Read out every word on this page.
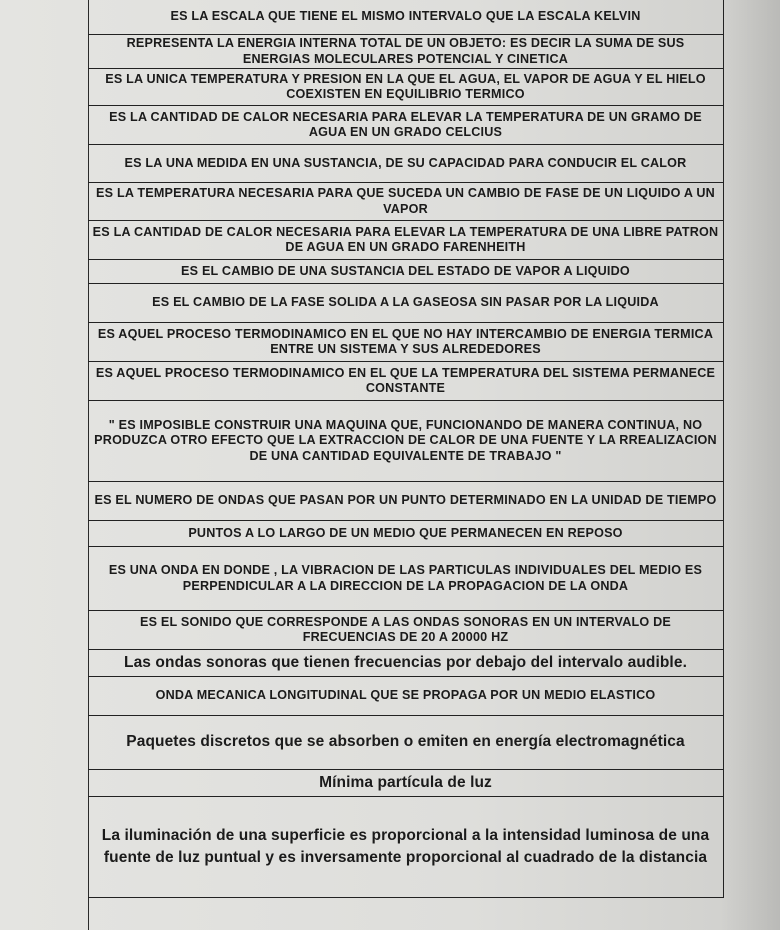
ES LA ESCALA QUE TIENE EL MISMO INTERVALO QUE LA ESCALA KELVIN
REPRESENTA LA ENERGIA INTERNA TOTAL DE UN OBJETO: ES DECIR LA SUMA DE SUS ENERGIAS MOLECULARES POTENCIAL Y CINETICA
ES LA UNICA TEMPERATURA Y PRESION EN LA QUE EL AGUA, EL VAPOR DE AGUA Y EL HIELO COEXISTEN EN EQUILIBRIO TERMICO
ES LA CANTIDAD DE CALOR NECESARIA PARA ELEVAR LA TEMPERATURA DE UN GRAMO DE AGUA EN UN GRADO CELCIUS
ES LA UNA MEDIDA EN UNA SUSTANCIA, DE SU CAPACIDAD PARA CONDUCIR EL CALOR
ES LA TEMPERATURA NECESARIA PARA QUE SUCEDA UN CAMBIO DE FASE DE UN LIQUIDO A UN VAPOR
ES LA CANTIDAD DE CALOR NECESARIA PARA ELEVAR LA TEMPERATURA DE UNA LIBRE PATRON DE AGUA EN UN GRADO FARENHEITH
ES EL CAMBIO DE UNA SUSTANCIA DEL ESTADO DE VAPOR A LIQUIDO
ES EL CAMBIO DE LA FASE SOLIDA A LA GASEOSA SIN PASAR POR LA LIQUIDA
ES AQUEL PROCESO TERMODINAMICO EN EL QUE NO HAY INTERCAMBIO DE ENERGIA TERMICA ENTRE UN SISTEMA Y SUS ALREDEDORES
ES AQUEL PROCESO TERMODINAMICO EN EL QUE LA TEMPERATURA DEL SISTEMA PERMANECE CONSTANTE
" ES IMPOSIBLE CONSTRUIR UNA MAQUINA QUE, FUNCIONANDO DE MANERA CONTINUA, NO PRODUZCA OTRO EFECTO QUE LA EXTRACCION DE CALOR DE UNA FUENTE Y LA RREALIZACION DE UNA CANTIDAD EQUIVALENTE DE TRABAJO "
ES EL NUMERO DE ONDAS QUE PASAN POR UN PUNTO DETERMINADO EN LA UNIDAD DE TIEMPO
PUNTOS A LO LARGO DE UN MEDIO QUE PERMANECEN EN REPOSO
ES UNA ONDA EN DONDE , LA VIBRACION DE LAS PARTICULAS INDIVIDUALES DEL MEDIO ES PERPENDICULAR A LA DIRECCION DE LA PROPAGACION DE LA ONDA
ES EL SONIDO QUE CORRESPONDE A LAS ONDAS SONORAS EN UN INTERVALO DE FRECUENCIAS DE 20 A 20000 HZ
Las ondas sonoras que tienen frecuencias por debajo del intervalo audible.
ONDA MECANICA LONGITUDINAL QUE SE PROPAGA POR UN MEDIO ELASTICO
Paquetes discretos que se absorben o emiten en energía electromagnética
Mínima partícula de luz
La iluminación de una superficie es proporcional a la intensidad luminosa de una fuente de luz puntual y es inversamente proporcional al cuadrado de la distancia
